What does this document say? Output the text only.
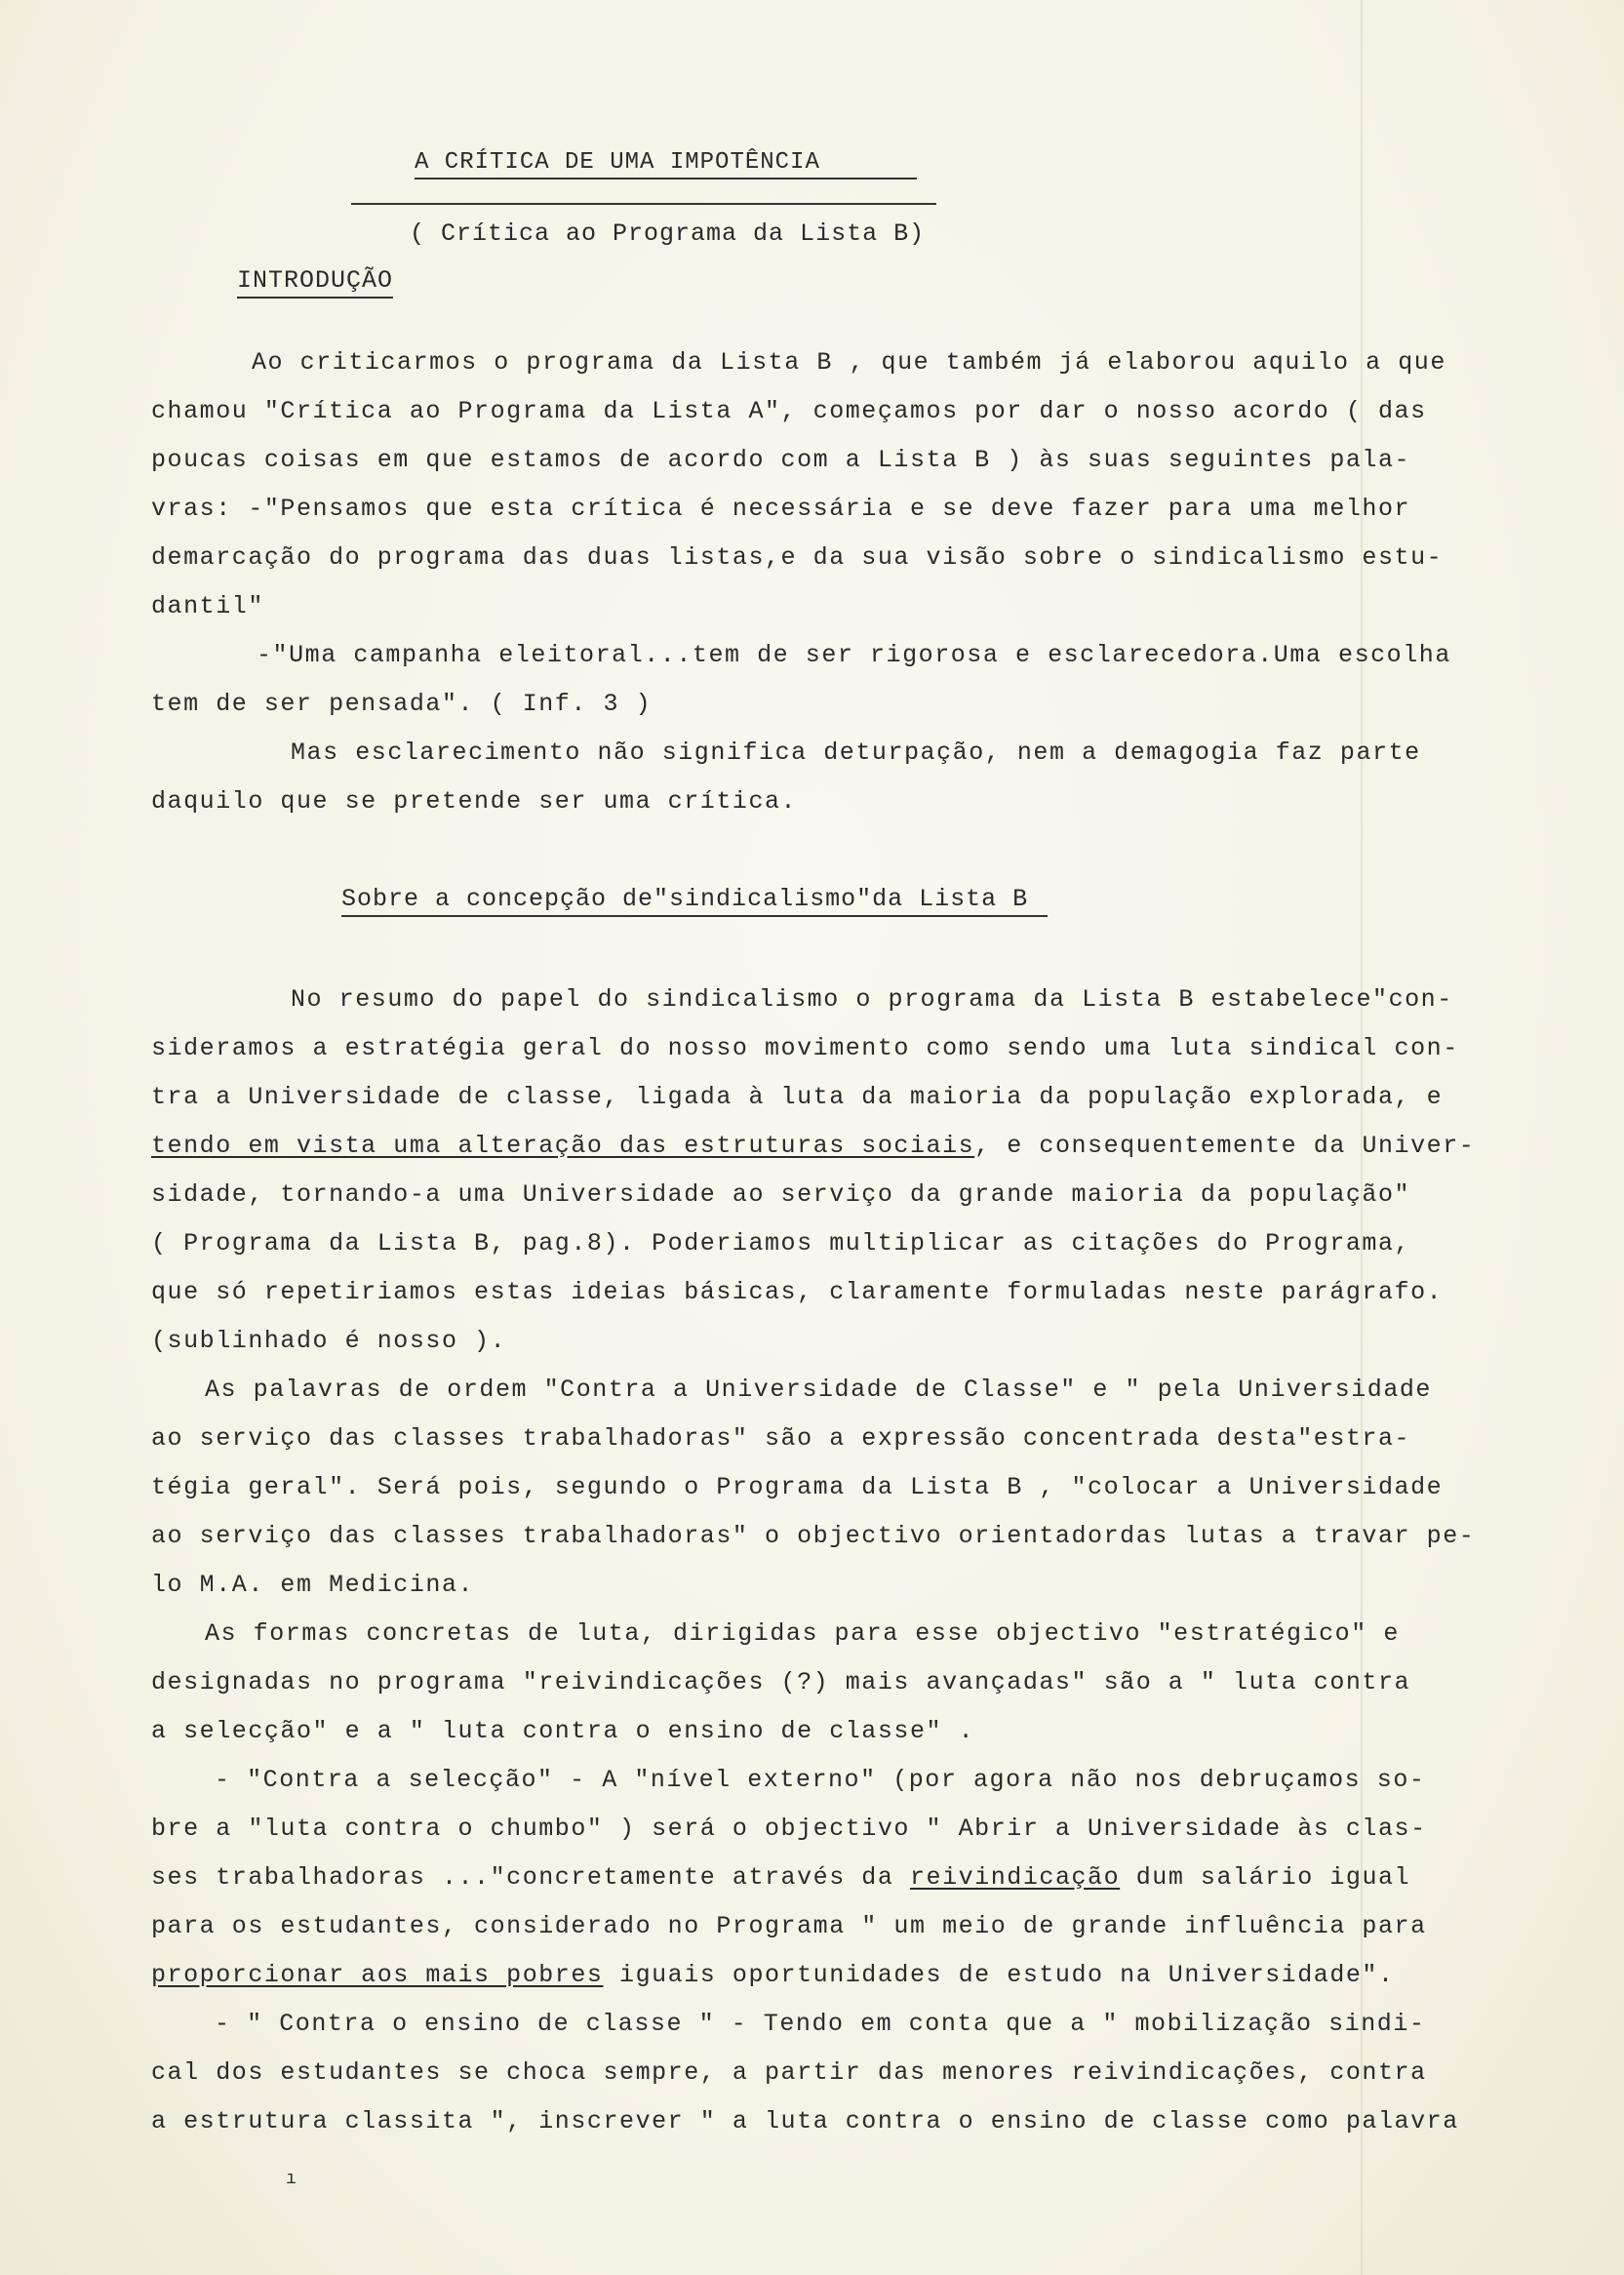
A CRÍTICA DE UMA IMPOTÊNCIA
( Crítica ao Programa da Lista B)
INTRODUÇÃO
Ao criticarmos o programa da Lista B , que também já elaborou aquilo a que
chamou "Crítica ao Programa da Lista A", começamos por dar o nosso acordo ( das
poucas coisas em que estamos de acordo com a Lista B ) às suas seguintes pala-
vras: -"Pensamos que esta crítica é necessária e se deve fazer para uma melhor
demarcação do programa das duas listas,e da sua visão sobre o sindicalismo estu-
dantil"
-"Uma campanha eleitoral...tem de ser rigorosa e esclarecedora.Uma escolha
tem de ser pensada". ( Inf. 3 )
Mas esclarecimento não significa deturpação, nem a demagogia faz parte
daquilo que se pretende ser uma crítica.
Sobre a concepção de"sindicalismo"da Lista B
No resumo do papel do sindicalismo o programa da Lista B estabelece"con-
sideramos a estratégia geral do nosso movimento como sendo uma luta sindical con-
tra a Universidade de classe, ligada à luta da maioria da população explorada, e
tendo em vista uma alteração das estruturas sociais, e consequentemente da Univer-
sidade, tornando-a uma Universidade ao serviço da grande maioria da população"
( Programa da Lista B, pag.8). Poderiamos multiplicar as citações do Programa,
que só repetiriamos estas ideias básicas, claramente formuladas neste parágrafo.
(sublinhado é nosso ).
As palavras de ordem "Contra a Universidade de Classe" e " pela Universidade
ao serviço das classes trabalhadoras" são a expressão concentrada desta"estra-
tégia geral". Será pois, segundo o Programa da Lista B , "colocar a Universidade
ao serviço das classes trabalhadoras" o objectivo orientadordas lutas a travar pe-
lo M.A. em Medicina.
As formas concretas de luta, dirigidas para esse objectivo "estratégico" e
designadas no programa "reivindicações (?) mais avançadas" são a " luta contra
a selecção" e a " luta contra o ensino de classe" .
- "Contra a selecção" - A "nível externo" (por agora não nos debruçamos so-
bre a "luta contra o chumbo" ) será o objectivo " Abrir a Universidade às clas-
ses trabalhadoras ..."concretamente através da reivindicação dum salário igual
para os estudantes, considerado no Programa " um meio de grande influência para
proporcionar aos mais pobres iguais oportunidades de estudo na Universidade".
- " Contra o ensino de classe " - Tendo em conta que a " mobilização sindi-
cal dos estudantes se choca sempre, a partir das menores reivindicações, contra
a estrutura classita ", inscrever " a luta contra o ensino de classe como palavra
ı
